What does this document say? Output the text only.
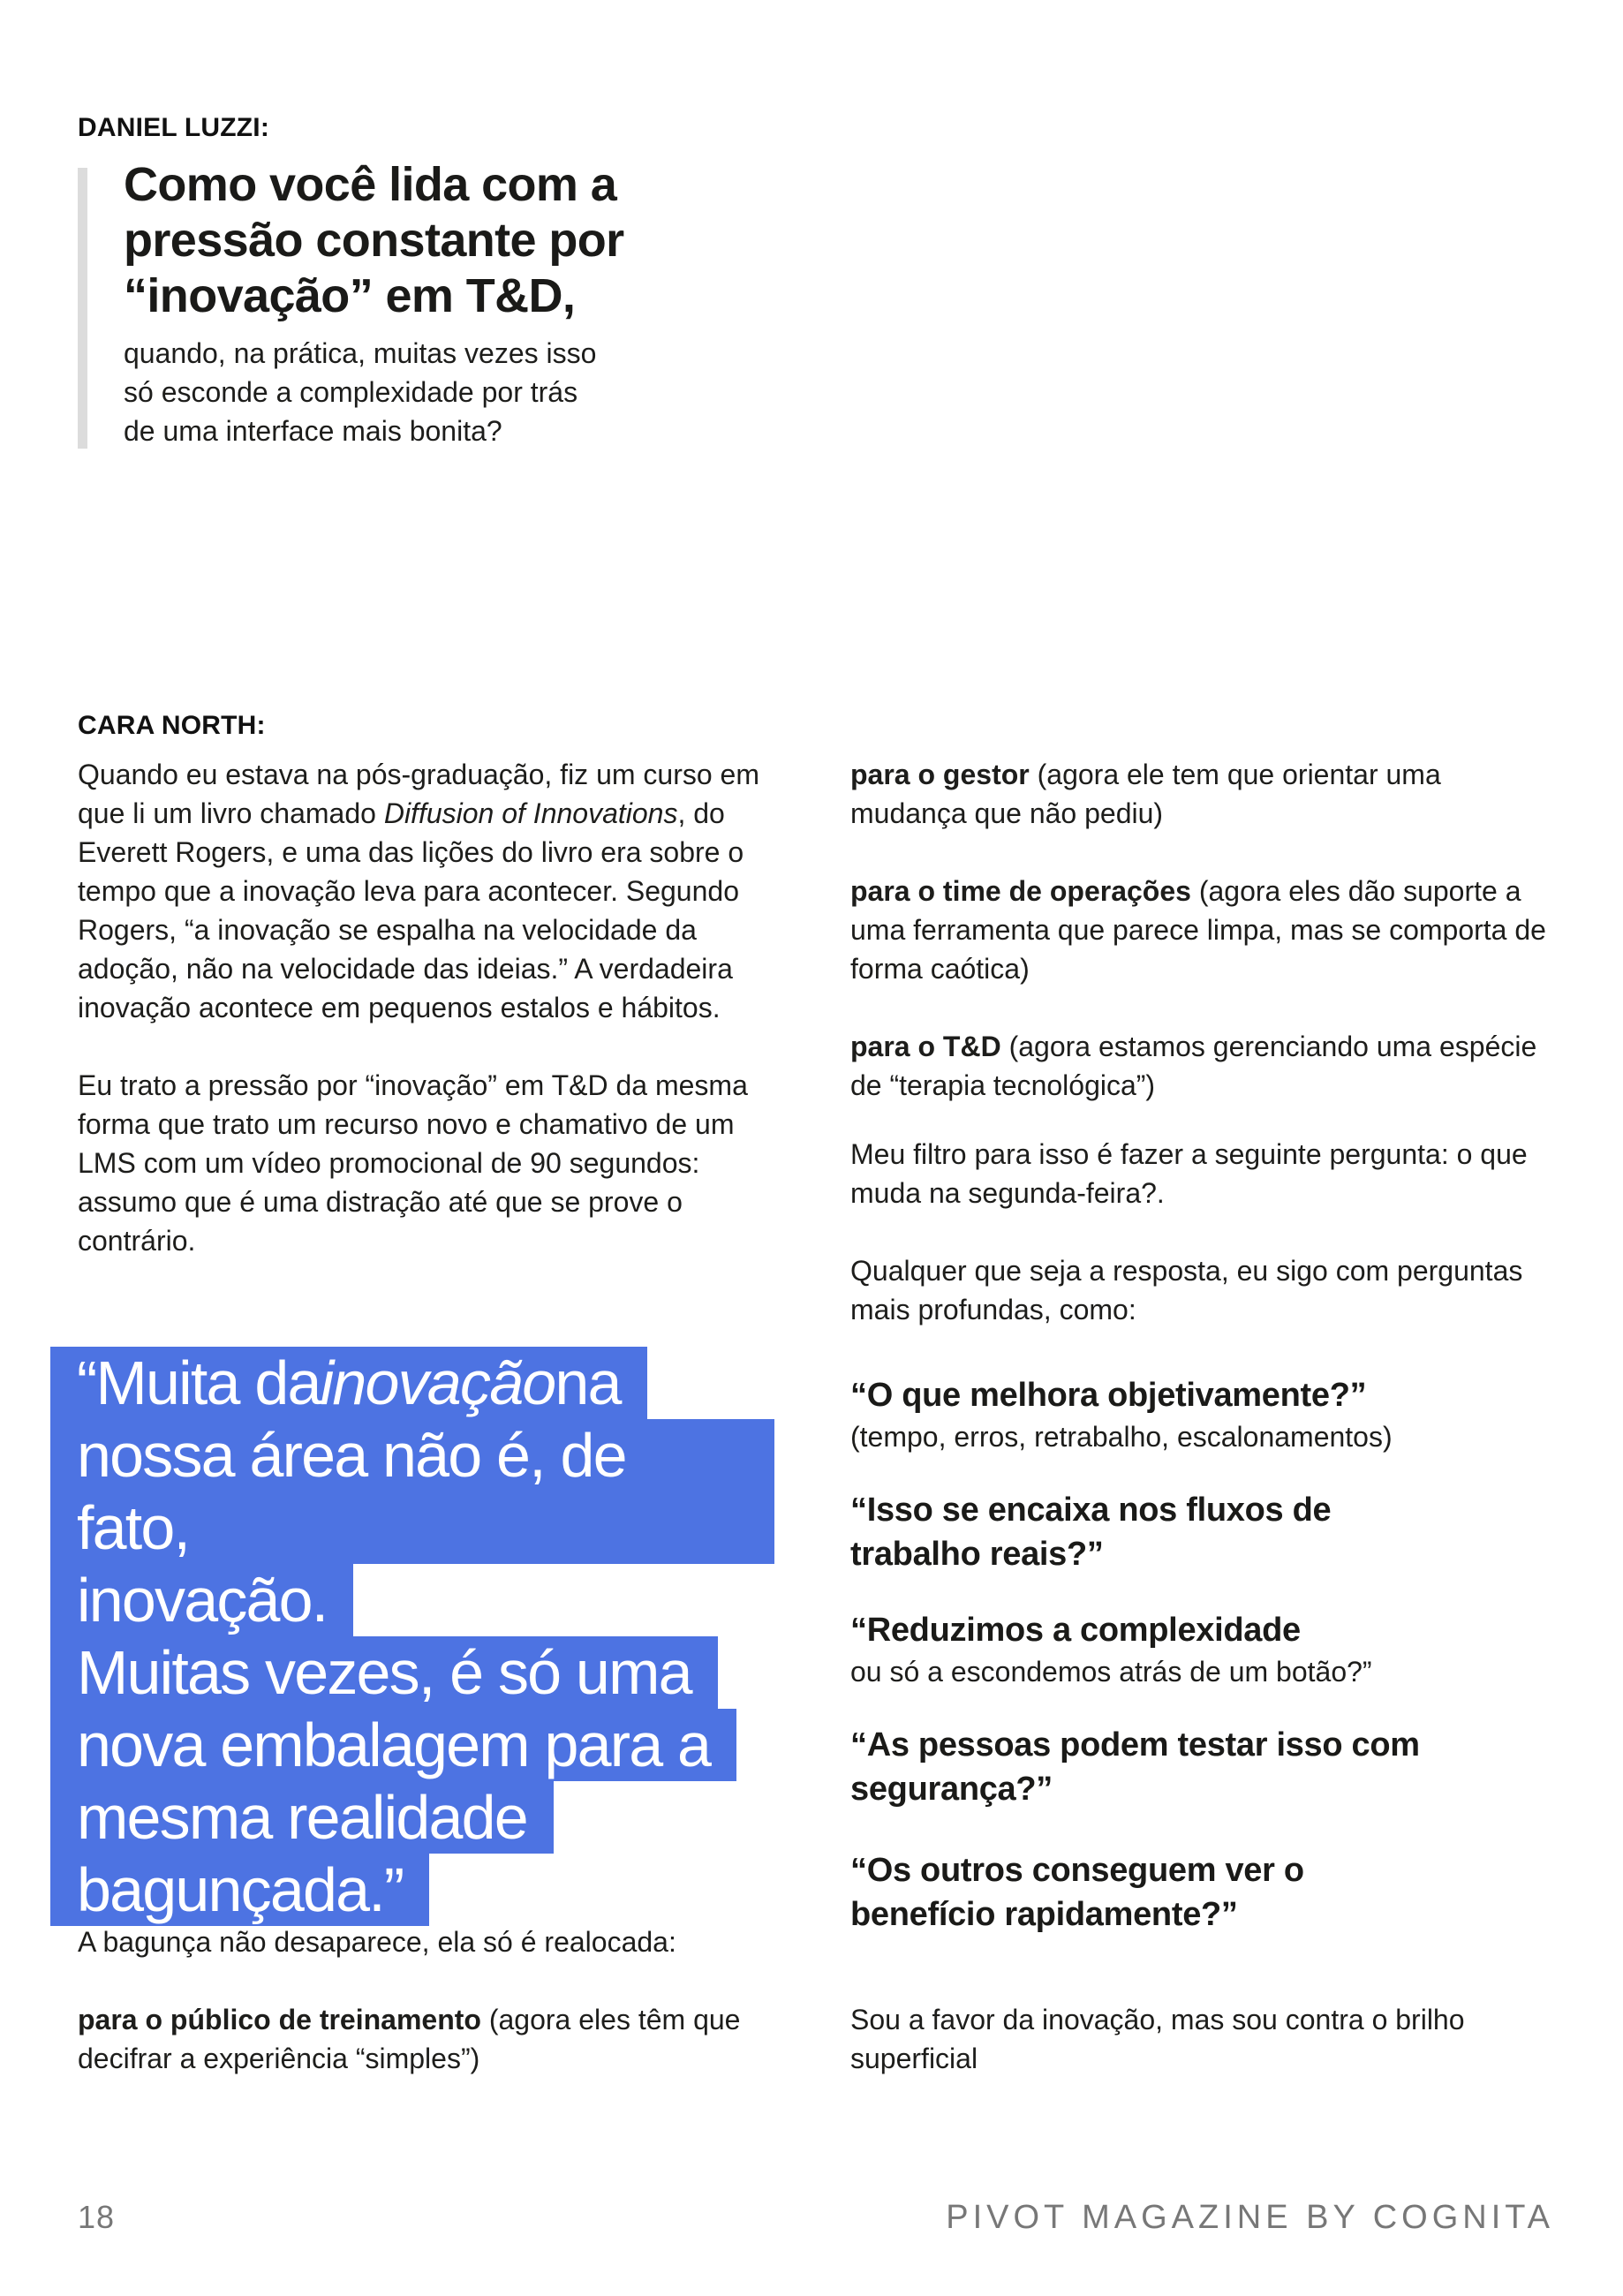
DANIEL LUZZI:
Como você lida com a pressão constante por “inovação” em T&D,
quando, na prática, muitas vezes isso
só esconde a complexidade por trás
de uma interface mais bonita?
CARA NORTH:

Quando eu estava na pós-graduação, fiz um curso em que li um livro chamado Diffusion of Innovations, do Everett Rogers, e uma das lições do livro era sobre o tempo que a inovação leva para acontecer. Segundo Rogers, “a inovação se espalha na velocidade da adoção, não na velocidade das ideias.” A verdadeira inovação acontece em pequenos estalos e hábitos.

Eu trato a pressão por “inovação” em T&D da mesma forma que trato um recurso novo e chamativo de um LMS com um vídeo promocional de 90 segundos: assumo que é uma distração até que se prove o contrário.

“Muita dainovaçãona
nossa área não é, de fato,
inovação.
Muitas vezes, é só uma
nova embalagem para a
mesma realidade
bagunçada.”

A bagunça não desaparece, ela só é realocada:

para o público de treinamento (agora eles têm que decifrar a experiência “simples”)

para o gestor (agora ele tem que orientar uma mudança que não pediu)

para o time de operações (agora eles dão suporte a uma ferramenta que parece limpa, mas se comporta de forma caótica)

para o T&D (agora estamos gerenciando uma espécie de “terapia tecnológica”)

Meu filtro para isso é fazer a seguinte pergunta: o que muda na segunda-feira?.

Qualquer que seja a resposta, eu sigo com perguntas mais profundas, como:

“O que melhora objetivamente?”
(tempo, erros, retrabalho, escalonamentos)
“Isso se encaixa nos fluxos de
trabalho reais?”
“Reduzimos a complexidade
ou só a escondemos atrás de um botão?”
“As pessoas podem testar isso com
segurança?”
“Os outros conseguem ver o
benefício rapidamente?”
Sou a favor da inovação, mas sou contra o brilho superficial
18	PIVOT MAGAZINE BY COGNITA
